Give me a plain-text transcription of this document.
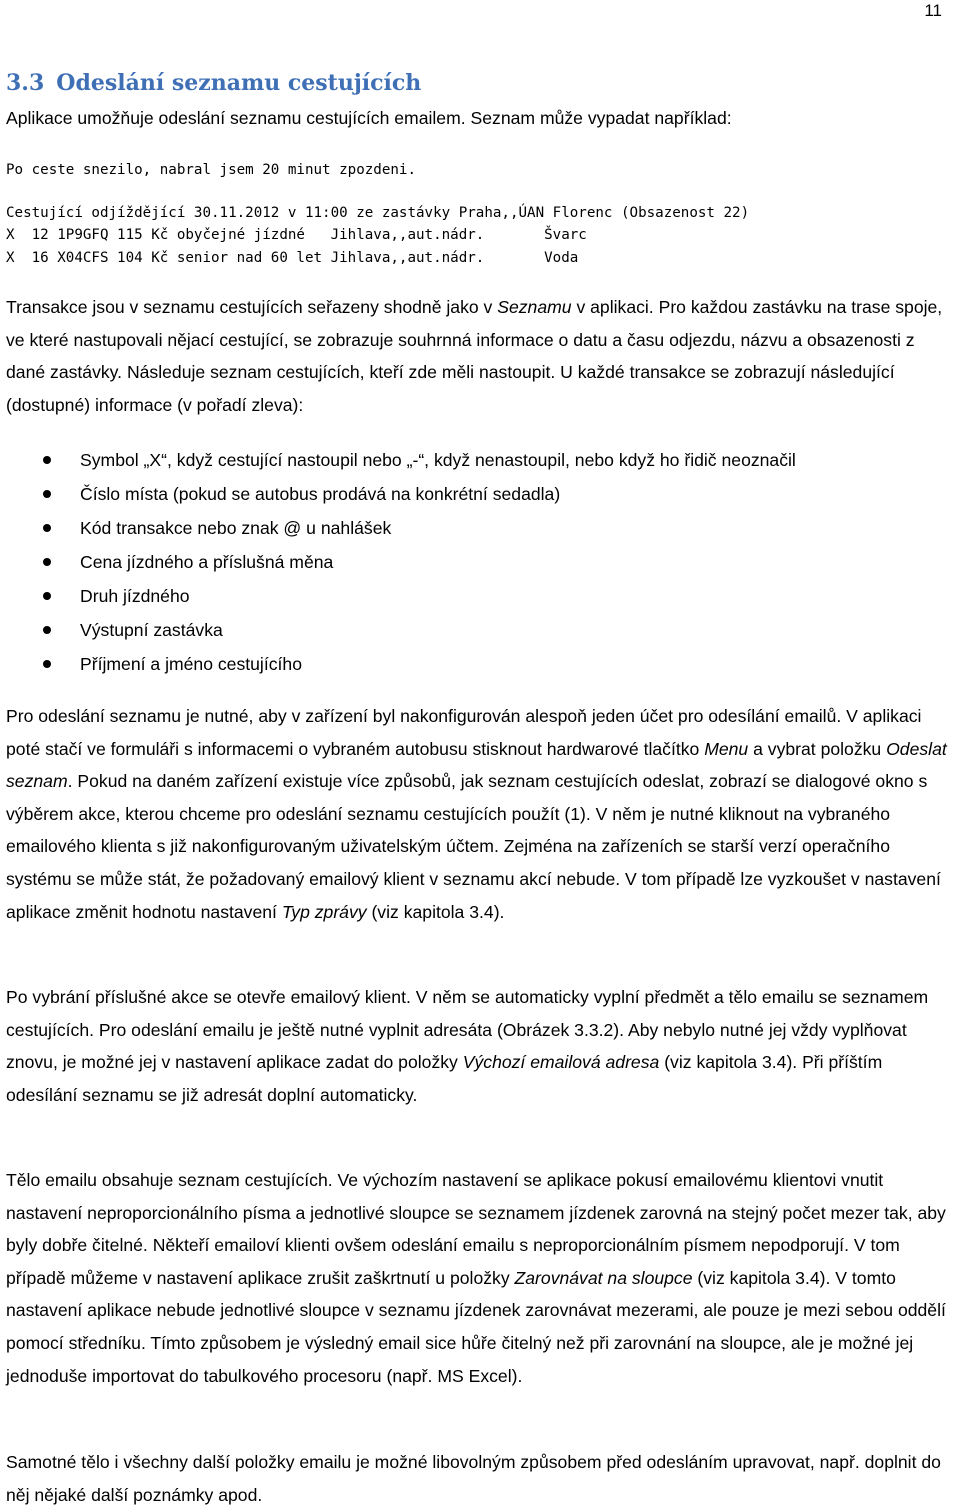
11
3.3 Odeslání seznamu cestujících
Aplikace umožňuje odeslání seznamu cestujících emailem. Seznam může vypadat například:
Po ceste snezilo, nabral jsem 20 minut zpozdeni.
Cestující odjíždějící 30.11.2012 v 11:00 ze zastávky Praha,,ÚAN Florenc (Obsazenost 22)
X  12 1P9GFQ 115 Kč obyčejné jízdné   Jihlava,,aut.nádr.       Švarc
X  16 X04CFS 104 Kč senior nad 60 let Jihlava,,aut.nádr.       Voda
Transakce jsou v seznamu cestujících seřazeny shodně jako v Seznamu v aplikaci. Pro každou zastávku na trase spoje, ve které nastupovali nějací cestující, se zobrazuje souhrnná informace o datu a času odjezdu, názvu a obsazenosti z dané zastávky. Následuje seznam cestujících, kteří zde měli nastoupit. U každé transakce se zobrazují následující (dostupné) informace (v pořadí zleva):
Symbol „X“, když cestující nastoupil nebo „-“, když nenastoupil, nebo když ho řidič neoznačil
Číslo místa (pokud se autobus prodává na konkrétní sedadla)
Kód transakce nebo znak @ u nahlášek
Cena jízdného a příslušná měna
Druh jízdného
Výstupní zastávka
Příjmení a jméno cestujícího
Pro odeslání seznamu je nutné, aby v zařízení byl nakonfigurován alespoň jeden účet pro odesílání emailů. V aplikaci poté stačí ve formuláři s informacemi o vybraném autobusu stisknout hardwarové tlačítko Menu a vybrat položku Odeslat seznam. Pokud na daném zařízení existuje více způsobů, jak seznam cestujících odeslat, zobrazí se dialogové okno s výběrem akce, kterou chceme pro odeslání seznamu cestujících použít (1). V něm je nutné kliknout na vybraného emailového klienta s již nakonfigurovaným uživatelským účtem. Zejména na zařízeních se starší verzí operačního systému se může stát, že požadovaný emailový klient v seznamu akcí nebude. V tom případě lze vyzkoušet v nastavení aplikace změnit hodnotu nastavení Typ zprávy (viz kapitola 3.4).
Po vybrání příslušné akce se otevře emailový klient. V něm se automaticky vyplní předmět a tělo emailu se seznamem cestujících. Pro odeslání emailu je ještě nutné vyplnit adresáta (Obrázek 3.3.2). Aby nebylo nutné jej vždy vyplňovat znovu, je možné jej v nastavení aplikace zadat do položky Výchozí emailová adresa (viz kapitola 3.4). Při příštím odesílání seznamu se již adresát doplní automaticky.
Tělo emailu obsahuje seznam cestujících. Ve výchozím nastavení se aplikace pokusí emailovému klientovi vnutit nastavení neproporcionálního písma a jednotlivé sloupce se seznamem jízdenek zarovná na stejný počet mezer tak, aby byly dobře čitelné. Někteří emailoví klienti ovšem odeslání emailu s neproporcionálním písmem nepodporují. V tom případě můžeme v nastavení aplikace zrušit zaškrtnutí u položky Zarovnávat na sloupce (viz kapitola 3.4). V tomto nastavení aplikace nebude jednotlivé sloupce v seznamu jízdenek zarovnávat mezerami, ale pouze je mezi sebou oddělí pomocí středníku. Tímto způsobem je výsledný email sice hůře čitelný než při zarovnání na sloupce, ale je možné jej jednoduše importovat do tabulkového procesoru (např. MS Excel).
Samotné tělo i všechny další položky emailu je možné libovolným způsobem před odesláním upravovat, např. doplnit do něj nějaké další poznámky apod.
